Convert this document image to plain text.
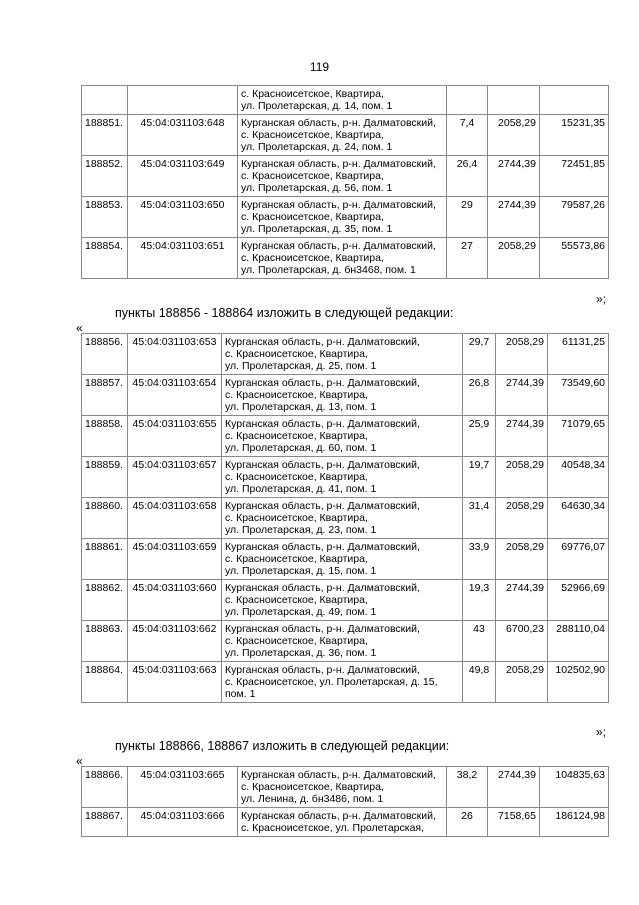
119

		с. Красноисетское, Квартира,
ул. Пролетарская, д. 14, пом. 1			

188851.	45:04:031103:648	Курганская область, р-н. Далматовский,
с. Красноисетское, Квартира,
ул. Пролетарская, д. 24, пом. 1	7,4	2058,29	15231,35
188852.	45:04:031103:649	Курганская область, р-н. Далматовский,
с. Красноисетское, Квартира,
ул. Пролетарская, д. 56, пом. 1	26,4	2744,39	72451,85
188853.	45:04:031103:650	Курганская область, р-н. Далматовский,
с. Красноисетское, Квартира,
ул. Пролетарская, д. 35, пом. 1	29	2744,39	79587,26
188854.	45:04:031103:651	Курганская область, р-н. Далматовский,
с. Красноисетское, Квартира,
ул. Пролетарская, д. бн3468, пом. 1	27	2058,29	55573,86
»;
пункты 188856 - 188864 изложить в следующей редакции:
«
188856.	45:04:031103:653	Курганская область, р-н. Далматовский,
с. Красноисетское, Квартира,
ул. Пролетарская, д. 25, пом. 1	29,7	2058,29	61131,25
188857.	45:04:031103:654	Курганская область, р-н. Далматовский,
с. Красноисетское, Квартира,
ул. Пролетарская, д. 13, пом. 1	26,8	2744,39	73549,60
188858.	45:04:031103:655	Курганская область, р-н. Далматовский,
с. Красноисетское, Квартира,
ул. Пролетарская, д. 60, пом. 1	25,9	2744,39	71079,65
188859.	45:04:031103:657	Курганская область, р-н. Далматовский,
с. Красноисетское, Квартира,
ул. Пролетарская, д. 41, пом. 1	19,7	2058,29	40548,34
188860.	45:04:031103:658	Курганская область, р-н. Далматовский,
с. Красноисетское, Квартира,
ул. Пролетарская, д. 23, пом. 1	31,4	2058,29	64630,34
188861.	45:04:031103:659	Курганская область, р-н. Далматовский,
с. Красноисетское, Квартира,
ул. Пролетарская, д. 15, пом. 1	33,9	2058,29	69776,07
188862.	45:04:031103:660	Курганская область, р-н. Далматовский,
с. Красноисетское, Квартира,
ул. Пролетарская, д. 49, пом. 1	19,3	2744,39	52966,69
188863.	45:04:031103:662	Курганская область, р-н. Далматовский,
с. Красноисетское, Квартира,
ул. Пролетарская, д. 36, пом. 1	43	6700,23	288110,04
188864.	45:04:031103:663	Курганская область, р-н. Далматовский,
с. Красноисетское, ул. Пролетарская, д. 15,
пом. 1	49,8	2058,29	102502,90
»;
пункты 188866, 188867 изложить в следующей редакции:
«
188866.	45:04:031103:665	Курганская область, р-н. Далматовский,
с. Красноисетское, Квартира,
ул. Ленина, д. бн3486, пом. 1	38,2	2744,39	104835,63
188867.	45:04:031103:666	Курганская область, р-н. Далматовский,
с. Красноисетское, ул. Пролетарская,	26	7158,65	186124,98
